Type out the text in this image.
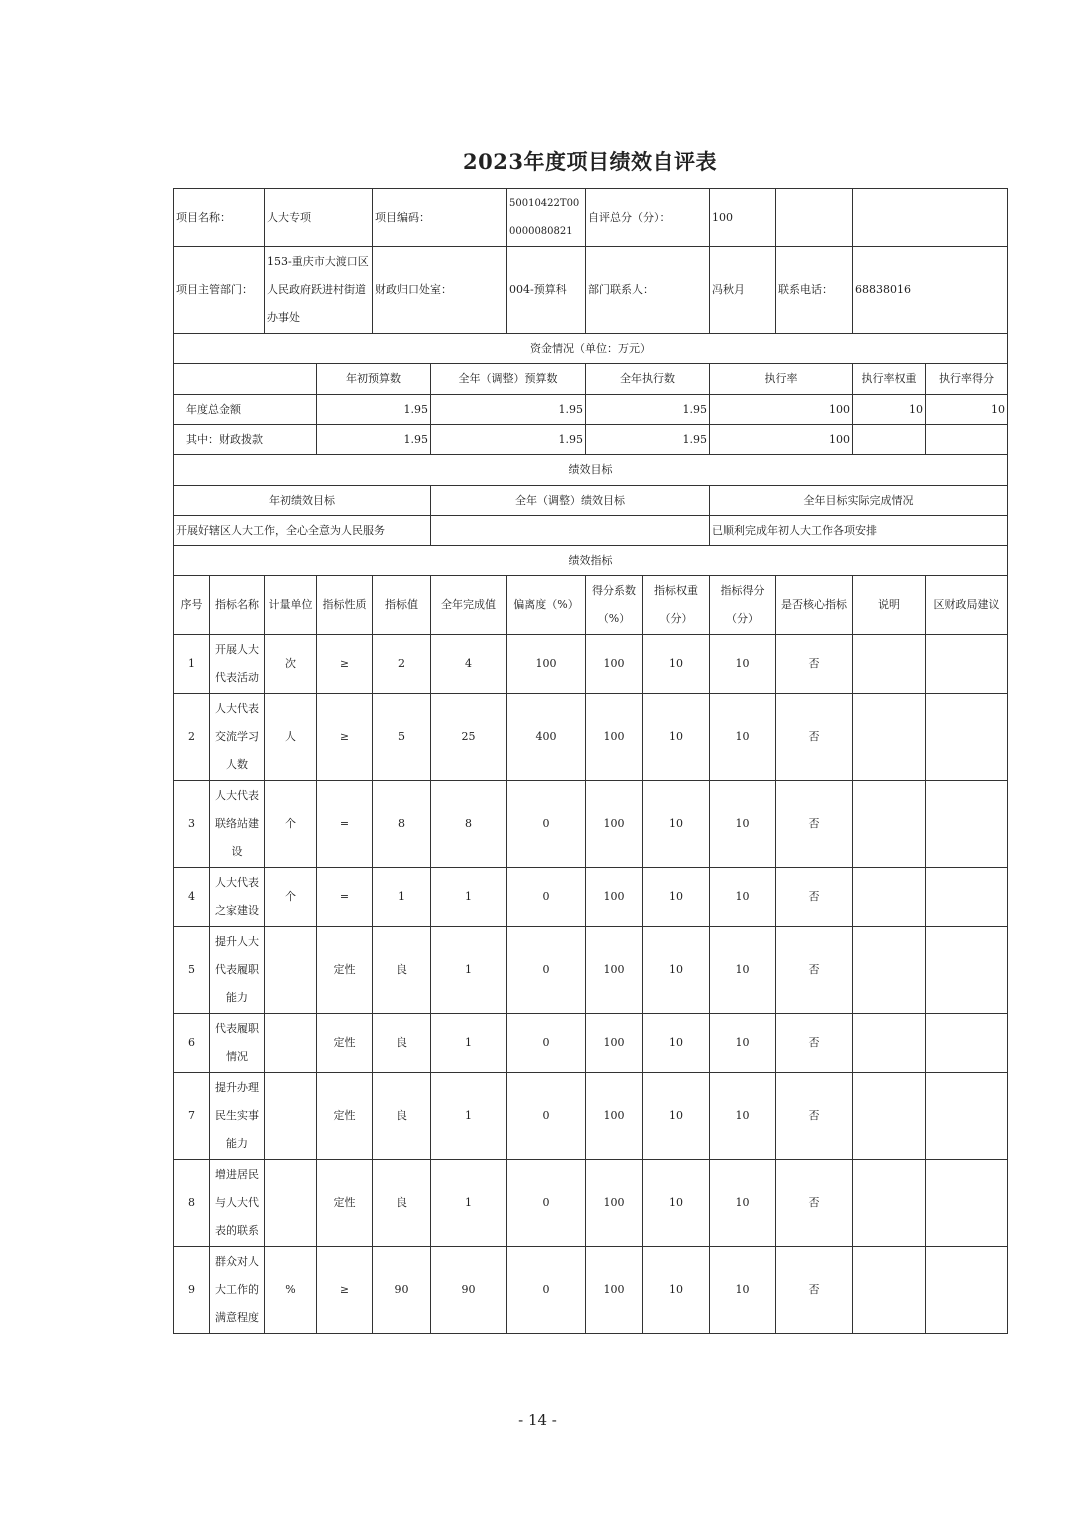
2023年度项目绩效自评表
项目名称：		人大专项		项目编码：		50010422T000000080821	自评总分（分）：		100			
项目主管部门：		153-重庆市大渡口区人民政府跃进村街道办事处		财政归口处室：		004-预算科	部门联系人：		冯秋月	联系电话：	68838016	
资金情况（单位：万元）												
			年初预算数		全年（调整）预算数		全年执行数		执行率		执行率权重	执行率得分
年度总金额			1.95		1.95		1.95		100		10	10
其中：财政拨款			1.95		1.95		1.95		100			
绩效目标												
年初绩效目标					全年（调整）绩效目标				全年目标实际完成情况			
开展好辖区人大工作，全心全意为人民服务									已顺利完成年初人大工作各项安排			
绩效指标												
序号	指标名称	计量单位	指标性质	指标值	全年完成值	偏离度（%）	得分系数（%）	指标权重（分）	指标得分（分）	是否核心指标	说明	区财政局建议
1	开展人大代表活动	次	≥	2	4	100	100	10	10	否		
2	人大代表交流学习人数	人	≥	5	25	400	100	10	10	否		
3	人大代表联络站建设	个	=	8	8	0	100	10	10	否		
4	人大代表之家建设	个	=	1	1	0	100	10	10	否		
5	提升人大代表履职能力		定性	良	1	0	100	10	10	否		
6	代表履职情况		定性	良	1	0	100	10	10	否		
7	提升办理民生实事能力		定性	良	1	0	100	10	10	否		
8	增进居民与人大代表的联系		定性	良	1	0	100	10	10	否		
9	群众对人大工作的满意程度	%	≥	90	90	0	100	10	10	否		
- 14 -
